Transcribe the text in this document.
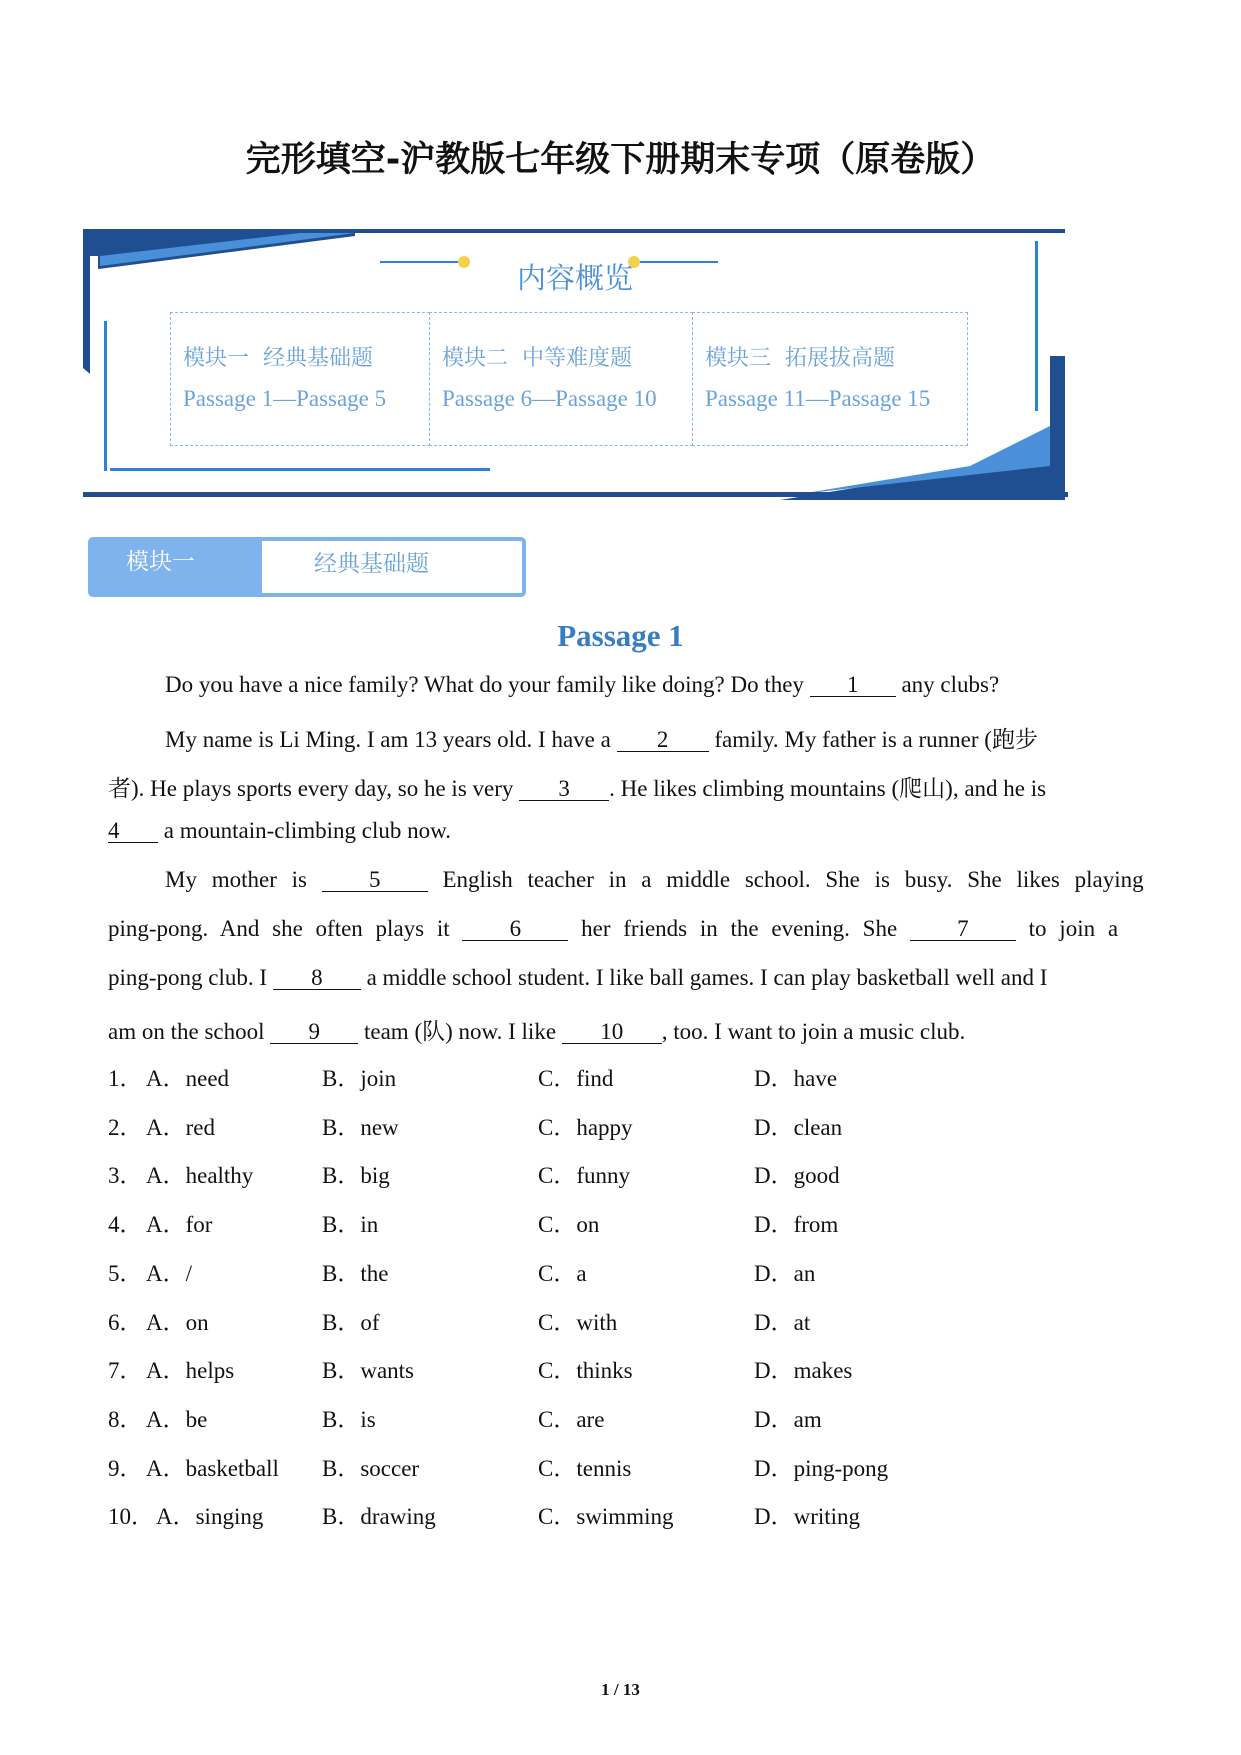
完形填空-沪教版七年级下册期末专项（原卷版）
内容概览
模块一  经典基础题
Passage 1—Passage 5
模块二  中等难度题
Passage 6—Passage 10
模块三  拓展拔高题
Passage 11—Passage 15
模块一	经典基础题
Passage 1
Do you have a nice family? What do your family like doing? Do they 1 any clubs?
My name is Li Ming. I am 13 years old. I have a 2 family. My father is a runner (跑步
者). He plays sports every day, so he is very 3 . He likes climbing mountains (爬山), and he is
4 a mountain-climbing club now.
My mother is 5 English teacher in a middle school. She is busy. She likes playing
ping-pong. And she often plays it 6 her friends in the evening. She 7 to join a
ping-pong club. I 8 a middle school student. I like ball games. I can play basketball well and I
am on the school 9 team (队) now. I like 10 , too. I want to join a music club.
1． A．need	B．join	C．find	D．have
2． A．red	B．new	C．happy	D．clean
3． A．healthy	B．big	C．funny	D．good
4． A．for	B．in	C．on	D．from
5． A．/	B．the	C．a	D．an
6． A．on	B．of	C．with	D．at
7． A．helps	B．wants	C．thinks	D．makes
8． A．be	B．is	C．are	D．am
9． A．basketball B．soccer	C．tennis	D．ping-pong
10． A．singing	B．drawing	C．swimming	D．writing
1 / 13
